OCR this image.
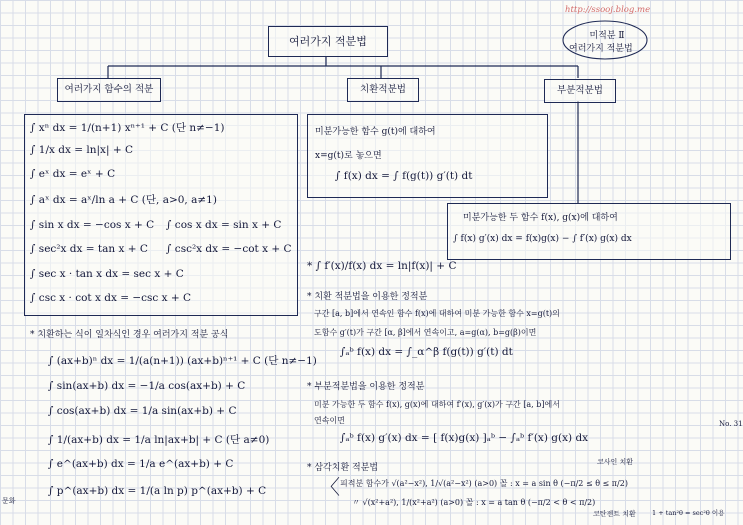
http://ssooj.blog.me
미적분 Ⅱ
여러가지 적분법
여러가지 적분법
여러가지 함수의 적분	치환적분법	부분적분법
∫ xⁿ dx = 1/(n+1) xⁿ⁺¹ + C (단 n≠−1)
∫ 1/x dx = ln|x| + C
∫ eˣ dx = eˣ + C
∫ aˣ dx = aˣ/ln a + C (단, a>0, a≠1)
∫ sin x dx = −cos x + C ∫ cos x dx = sin x + C
∫ sec²x dx = tan x + C ∫ csc²x dx = −cot x + C
∫ sec x · tan x dx = sec x + C
∫ csc x · cot x dx = −csc x + C
미분가능한 함수 g(t)에 대하여
x=g(t)로 놓으면
∫ f(x) dx = ∫ f(g(t)) g′(t) dt
미분가능한 두 함수 f(x), g(x)에 대하여
∫ f(x) g′(x) dx = f(x)g(x) − ∫ f′(x) g(x) dx
* ∫ f′(x)/f(x) dx = ln|f(x)| + C
* 치환 적분법을 이용한 정적분
구간 [a, b]에서 연속인 함수 f(x)에 대하여 미분 가능한 함수 x=g(t)의
도함수 g′(t)가 구간 [α, β]에서 연속이고, a=g(α), b=g(β)이면
∫ₐᵇ f(x) dx = ∫_α^β f(g(t)) g′(t) dt
* 부분적분법을 이용한 정적분
미분 가능한 두 함수 f(x), g(x)에 대하여 f′(x), g′(x)가 구간 [a, b]에서
연속이면
∫ₐᵇ f(x) g′(x) dx = [ f(x)g(x) ]ₐᵇ − ∫ₐᵇ f′(x) g(x) dx
* 삼각치환 적분법
〈 피적분 함수가 √(a²−x²), 1/√(a²−x²) (a>0) 꼴 : x = a sin θ (−π/2 ≤ θ ≤ π/2)
〃 √(x²+a²), 1/(x²+a²) (a>0) 꼴 : x = a tan θ (−π/2 < θ < π/2)
코사인 치환
코탄젠트 치환 1 + tan²θ = sec²θ 이용
* 치환하는 식이 일차식인 경우 여러가지 적분 공식
∫ (ax+b)ⁿ dx = 1/(a(n+1)) (ax+b)ⁿ⁺¹ + C (단 n≠−1)
∫ sin(ax+b) dx = −1/a cos(ax+b) + C
∫ cos(ax+b) dx = 1/a sin(ax+b) + C
∫ 1/(ax+b) dx = 1/a ln|ax+b| + C (단 a≠0)
∫ e^(ax+b) dx = 1/a e^(ax+b) + C
∫ p^(ax+b) dx = 1/(a ln p) p^(ax+b) + C
문화
No. 31
